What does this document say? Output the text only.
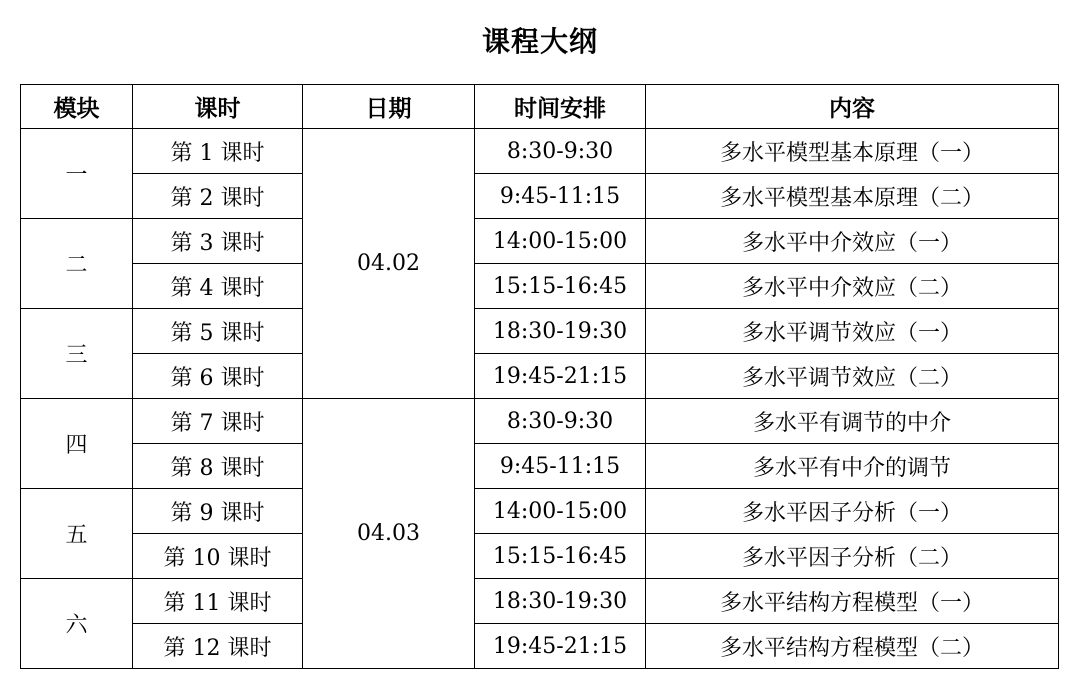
课程大纲
模块	课时	日期	时间安排	内容
一	第 1 课时	04.02	8:30-9:30	多水平模型基本原理（一）
	第 2 课时		9:45-11:15	多水平模型基本原理（二）
二	第 3 课时		14:00-15:00	多水平中介效应（一）
	第 4 课时		15:15-16:45	多水平中介效应（二）
三	第 5 课时		18:30-19:30	多水平调节效应（一）
	第 6 课时		19:45-21:15	多水平调节效应（二）
四	第 7 课时	04.03	8:30-9:30	多水平有调节的中介
	第 8 课时		9:45-11:15	多水平有中介的调节
五	第 9 课时		14:00-15:00	多水平因子分析（一）
	第 10 课时		15:15-16:45	多水平因子分析（二）
六	第 11 课时		18:30-19:30	多水平结构方程模型（一）
	第 12 课时		19:45-21:15	多水平结构方程模型（二）
